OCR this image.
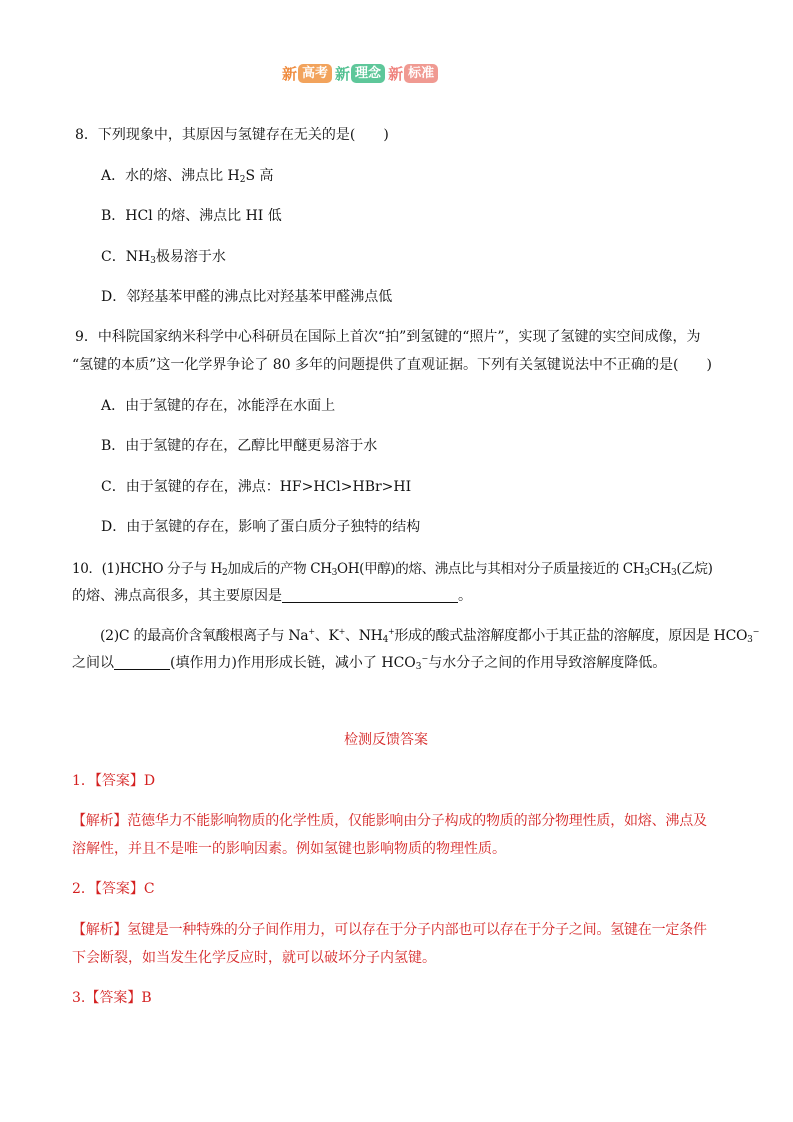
新 高考 新 理念 新 标准
8．下列现象中，其原因与氢键存在无关的是(　　)
A．水的熔、沸点比 $H_2S$ 高
B．HCl 的熔、沸点比 HI 低
C．$NH_3$极易溶于水
D．邻羟基苯甲醛的沸点比对羟基苯甲醛沸点低
9．中科院国家纳米科学中心科研员在国际上首次“拍”到氢键的“照片”，实现了氢键的实空间成像，为
“氢键的本质”这一化学界争论了 80 多年的问题提供了直观证据。下列有关氢键说法中不正确的是(　　)
A．由于氢键的存在，冰能浮在水面上
B．由于氢键的存在，乙醇比甲醚更易溶于水
C．由于氢键的存在，沸点：HF>HCl>HBr>HI
D．由于氢键的存在，影响了蛋白质分子独特的结构
10．(1)HCHO 分子与 $H_2$加成后的产物 $CH_3OH$(甲醇)的熔、沸点比与其相对分子质量接近的 $CH_3CH_3$(乙烷)
的熔、沸点高很多，其主要原因是	。
(2)C 的最高价含氧酸根离子与 Na+、K+、$NH_4^+$形成的酸式盐溶解度都小于其正盐的溶解度，原因是 $HCO_3^-$
之间以	(填作用力)作用形成长链，减小了 $HCO_3^-$与水分子之间的作用导致溶解度降低。
检测反馈答案
1．【答案】D
【解析】范德华力不能影响物质的化学性质，仅能影响由分子构成的物质的部分物理性质，如熔、沸点及
溶解性，并且不是唯一的影响因素。例如氢键也影响物质的物理性质。
2．【答案】C
【解析】氢键是一种特殊的分子间作用力，可以存在于分子内部也可以存在于分子之间。氢键在一定条件
下会断裂，如当发生化学反应时，就可以破坏分子内氢键。
3.【答案】B
